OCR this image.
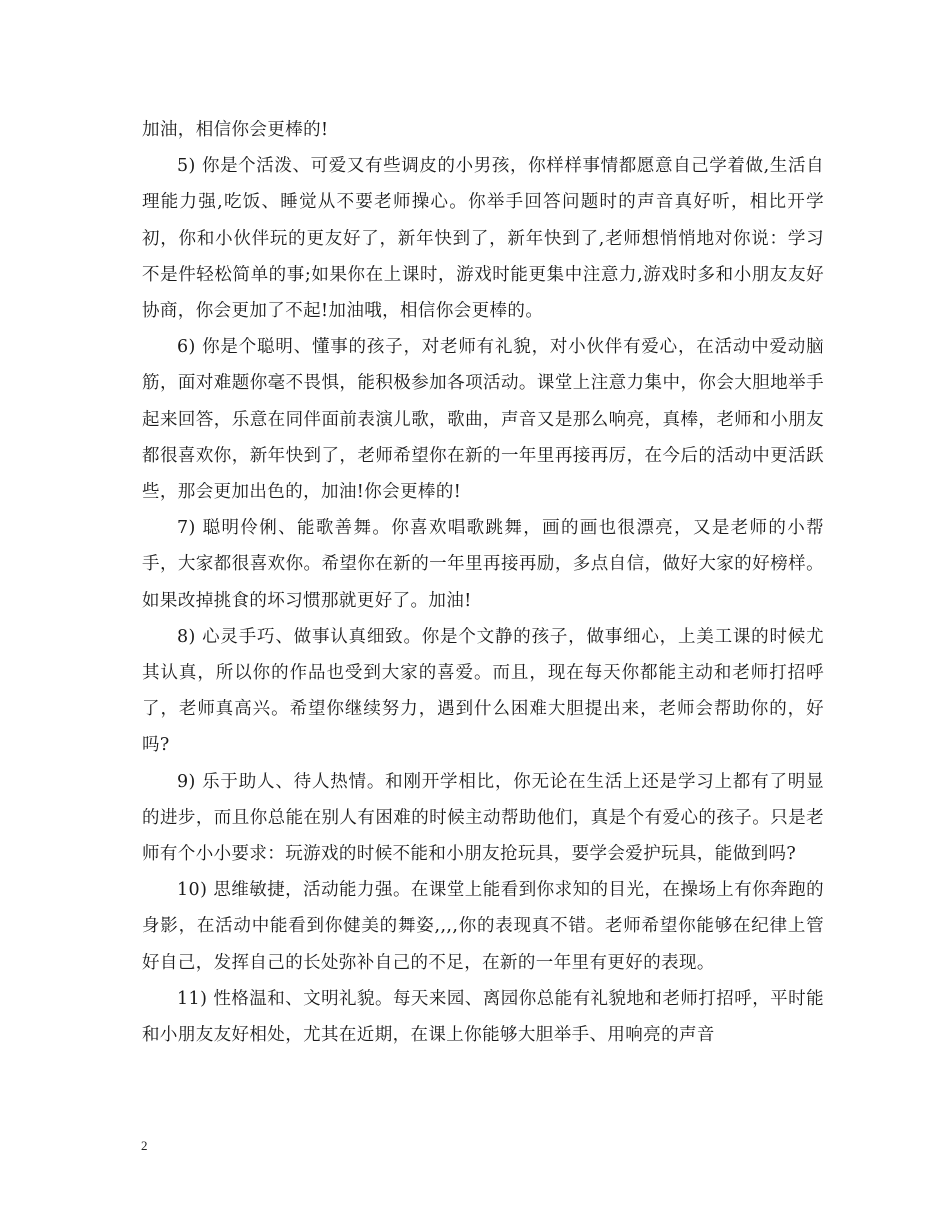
加油，相信你会更棒的!

5) 你是个活泼、可爱又有些调皮的小男孩，你样样事情都愿意自己学着做,生活自理能力强,吃饭、睡觉从不要老师操心。你举手回答问题时的声音真好听，相比开学初，你和小伙伴玩的更友好了，新年快到了，新年快到了,老师想悄悄地对你说：学习不是件轻松简单的事;如果你在上课时，游戏时能更集中注意力,游戏时多和小朋友友好协商，你会更加了不起!加油哦，相信你会更棒的。

6) 你是个聪明、懂事的孩子，对老师有礼貌，对小伙伴有爱心，在活动中爱动脑筋，面对难题你毫不畏惧，能积极参加各项活动。课堂上注意力集中，你会大胆地举手起来回答，乐意在同伴面前表演儿歌，歌曲，声音又是那么响亮，真棒，老师和小朋友都很喜欢你，新年快到了，老师希望你在新的一年里再接再厉，在今后的活动中更活跃些，那会更加出色的，加油!你会更棒的!

7) 聪明伶俐、能歌善舞。你喜欢唱歌跳舞，画的画也很漂亮，又是老师的小帮手，大家都很喜欢你。希望你在新的一年里再接再励，多点自信，做好大家的好榜样。如果改掉挑食的坏习惯那就更好了。加油!

8) 心灵手巧、做事认真细致。你是个文静的孩子，做事细心，上美工课的时候尤其认真，所以你的作品也受到大家的喜爱。而且，现在每天你都能主动和老师打招呼了，老师真高兴。希望你继续努力，遇到什么困难大胆提出来，老师会帮助你的，好吗?

9) 乐于助人、待人热情。和刚开学相比，你无论在生活上还是学习上都有了明显的进步，而且你总能在别人有困难的时候主动帮助他们，真是个有爱心的孩子。只是老师有个小小要求：玩游戏的时候不能和小朋友抢玩具，要学会爱护玩具，能做到吗?

10) 思维敏捷，活动能力强。在课堂上能看到你求知的目光，在操场上有你奔跑的身影，在活动中能看到你健美的舞姿,,,,你的表现真不错。老师希望你能够在纪律上管好自己，发挥自己的长处弥补自己的不足，在新的一年里有更好的表现。

11) 性格温和、文明礼貌。每天来园、离园你总能有礼貌地和老师打招呼，平时能和小朋友友好相处，尤其在近期，在课上你能够大胆举手、用响亮的声音

2
